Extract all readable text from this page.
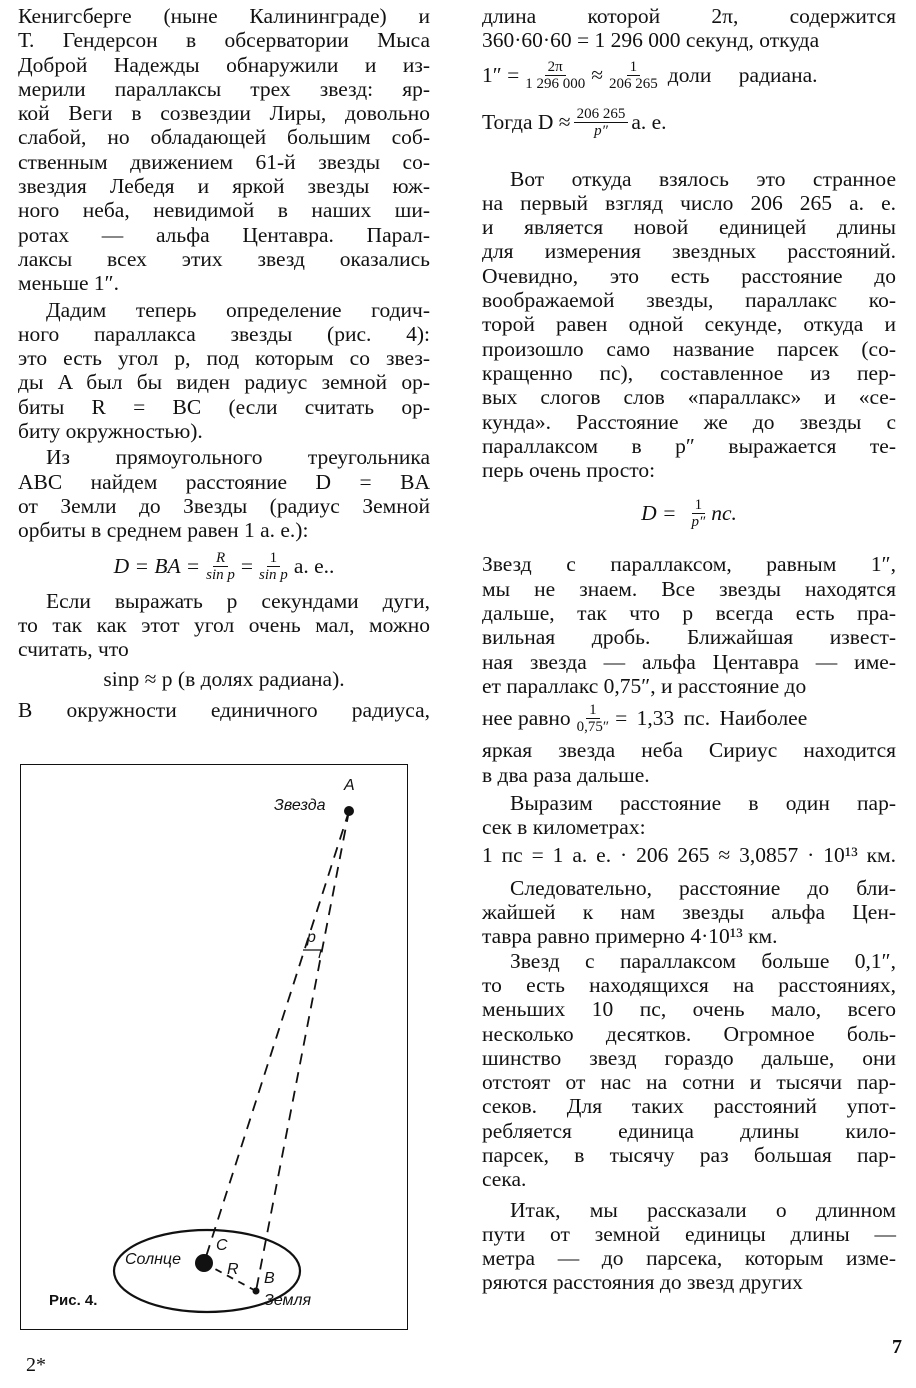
Кенигсберге (ныне Калининграде) и
Т. Гендерсон в обсерватории Мыса
Доброй Надежды обнаружили и из-
мерили параллаксы трех звезд: яр-
кой Веги в созвездии Лиры, довольно
слабой, но обладающей большим соб-
ственным движением 61-й звезды со-
звездия Лебедя и яркой звезды юж-
ного неба, невидимой в наших ши-
ротах — альфа Центавра. Парал-
лаксы всех этих звезд оказались
меньше 1″.
Дадим теперь определение годич-
ного параллакса звезды (рис. 4):
это есть угол p, под которым со звез-
ды A был бы виден радиус земной ор-
биты R = BC (если считать ор-
биту окружностью).
Из прямоугольного треугольника
ABC найдем расстояние D = BA
от Земли до Звезды (радиус Земной
орбиты в среднем равен 1 а. е.):
D = BA = $\frac{R}{\text{sin p}} = \frac{1}{\text{sin p}} а$. е..
Если выражать p секундами дуги,
то так как этот угол очень мал, можно
считать, что
sinp ≈ p (в долях радиана).
В окружности единичного радиуса,
A
Звезда
p
Солнце
C
R
B
Земля
Рис. 4.
длина которой 2π, содержится
360·60·60 = 1 296 000 секунд, откуда
$1'' = \frac{2\pi}{1 296 000} \approx \frac{1}{206 265}$ доли радиана.
Тогда $D \approx \frac{206 265}{p''} а$. е.
Вот откуда взялось это странное
на первый взгляд число 206 265 а. е.
и является новой единицей длины
для измерения звездных расстояний.
Очевидно, это есть расстояние до
воображаемой звезды, параллакс ко-
торой равен одной секунде, откуда и
произошло само название парсек (со-
кращенно пс), составленное из пер-
вых слогов слов «параллакс» и «се-
кунда». Расстояние же до звезды с
параллаксом в p″ выражается те-
перь очень просто:
$D = \frac{1}{p''}$ пс.
Звезд с параллаксом, равным 1″,
мы не знаем. Все звезды находятся
дальше, так что p всегда есть пра-
вильная дробь. Ближайшая извест-
ная звезда — альфа Центавра — име-
ет параллакс 0,75″, и расстояние до
нее равно $\frac{1}{0,75''} = 1,33$ пс. Наиболее
яркая звезда неба Сириус находится
в два раза дальше.
Выразим расстояние в один пар-
сек в километрах:
1 пс = 1 а. е. · 206 265 ≈ 3,0857 · 10¹³ км.
Следовательно, расстояние до бли-
жайшей к нам звезды альфа Цен-
тавра равно примерно 4·10¹³ км.
Звезд с параллаксом больше 0,1″,
то есть находящихся на расстояниях,
меньших 10 пс, очень мало, всего
несколько десятков. Огромное боль-
шинство звезд гораздо дальше, они
отстоят от нас на сотни и тысячи пар-
секов. Для таких расстояний упот-
ребляется единица длины кило-
парсек, в тысячу раз большая пар-
сека.
Итак, мы рассказали о длинном
пути от земной единицы длины —
метра — до парсека, которым изме-
ряются расстояния до звезд других
2*
7
